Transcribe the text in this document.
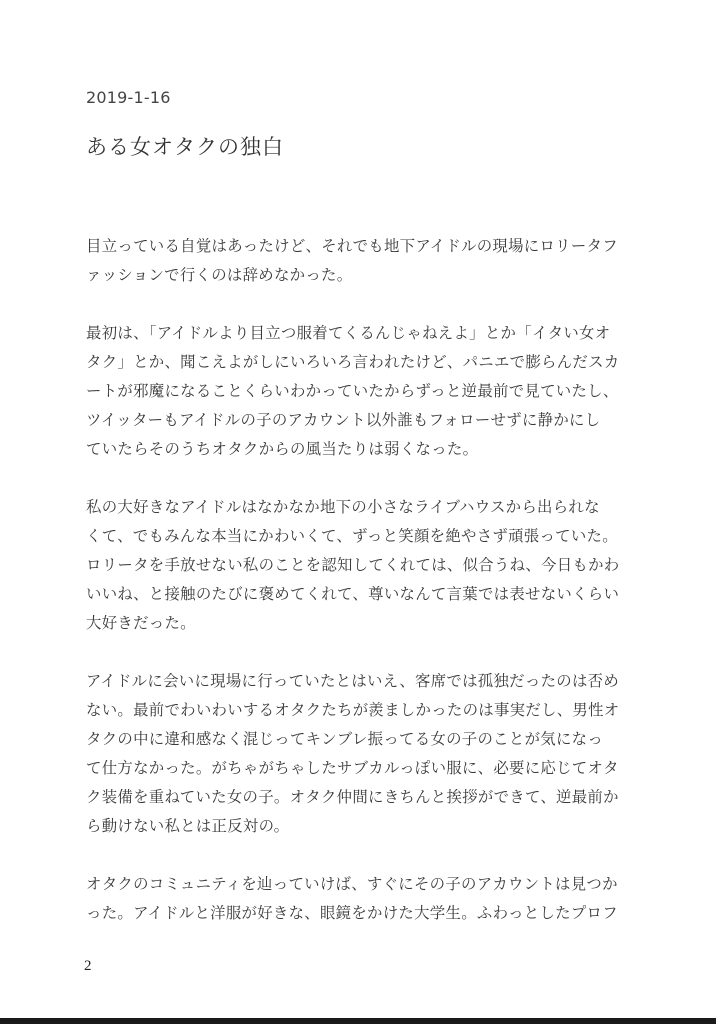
2019-1-16
ある女オタクの独白

目立っている自覚はあったけど、それでも地下アイドルの現場にロリータフ
ァッションで行くのは辞めなかった。

最初は、「アイドルより目立つ服着てくるんじゃねえよ」とか「イタい女オ
タク」とか、聞こえよがしにいろいろ言われたけど、パニエで膨らんだスカ
ートが邪魔になることくらいわかっていたからずっと逆最前で見ていたし、
ツイッターもアイドルの子のアカウント以外誰もフォローせずに静かにし
ていたらそのうちオタクからの風当たりは弱くなった。

私の大好きなアイドルはなかなか地下の小さなライブハウスから出られな
くて、でもみんな本当にかわいくて、ずっと笑顔を絶やさず頑張っていた。
ロリータを手放せない私のことを認知してくれては、似合うね、今日もかわ
いいね、と接触のたびに褒めてくれて、尊いなんて言葉では表せないくらい
大好きだった。

アイドルに会いに現場に行っていたとはいえ、客席では孤独だったのは否め
ない。最前でわいわいするオタクたちが羨ましかったのは事実だし、男性オ
タクの中に違和感なく混じってキンブレ振ってる女の子のことが気になっ
て仕方なかった。がちゃがちゃしたサブカルっぽい服に、必要に応じてオタ
ク装備を重ねていた女の子。オタク仲間にきちんと挨拶ができて、逆最前か
ら動けない私とは正反対の。

オタクのコミュニティを辿っていけば、すぐにその子のアカウントは見つか
った。アイドルと洋服が好きな、眼鏡をかけた大学生。ふわっとしたプロフ

2
